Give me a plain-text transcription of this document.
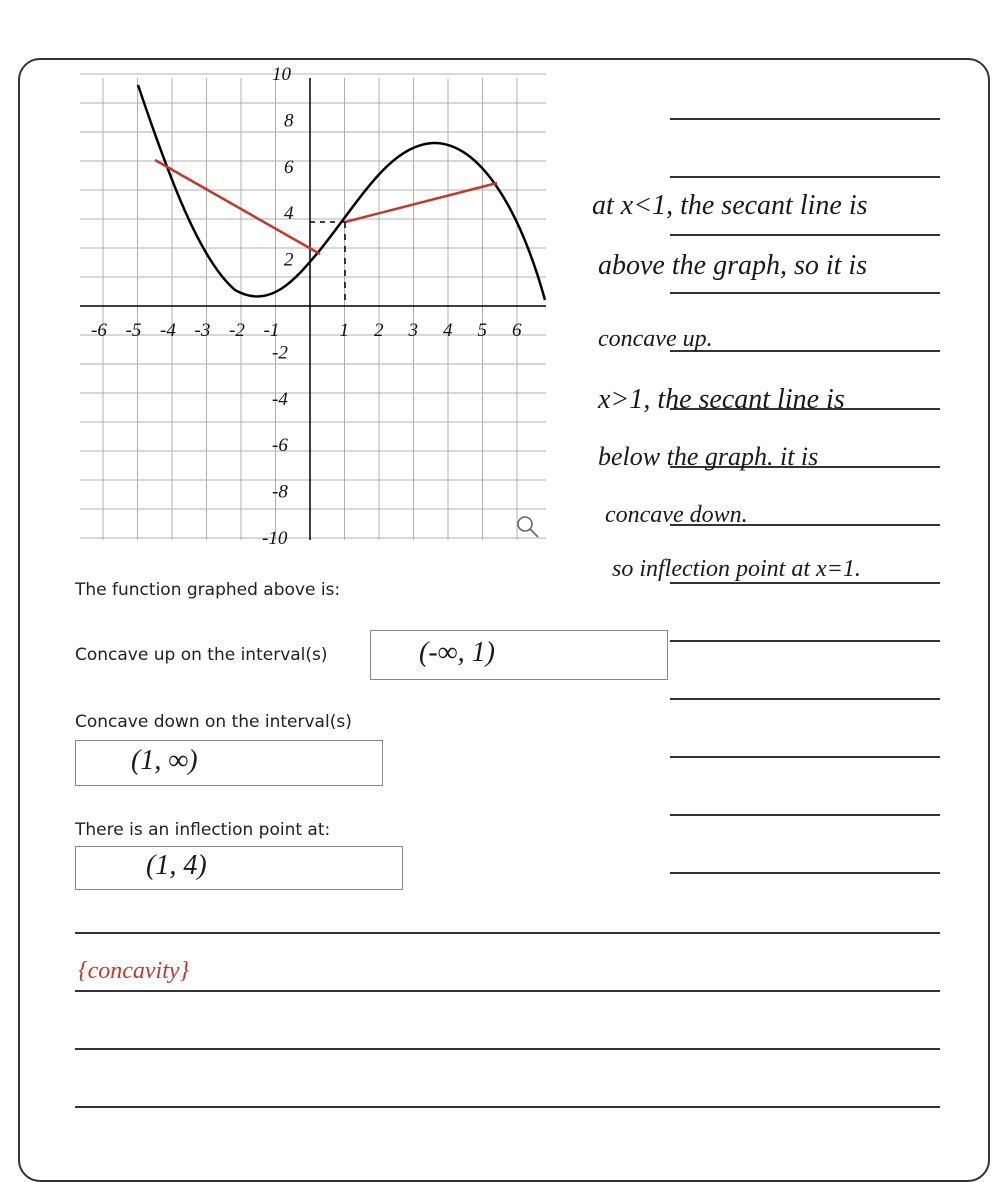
-6 -5 -4 -3 -2 -1	1 2 3 4 5 6
10
8
6
4
2
-2
-4
-6
-8
-10
at x<1, the secant line is
above the graph, so it is
concave up.
x>1, the secant line is
below the graph. it is
concave down.
so inflection point at x=1.
The function graphed above is:
Concave up on the interval(s)	(-∞, 1)
Concave down on the interval(s)
(1, ∞)
There is an inflection point at:
(1, 4)
{concavity}
